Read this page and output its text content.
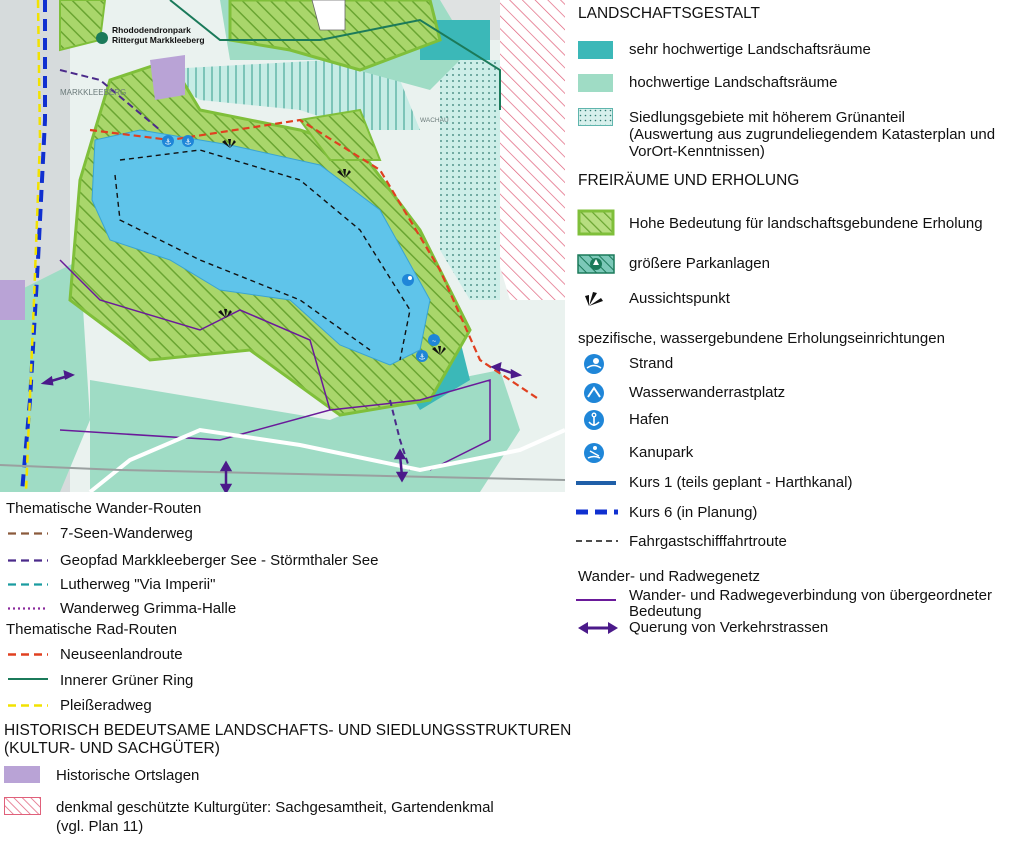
Rhododendronpark
Rittergut Markkleeberg
MARKKLEEBERG
WACHAU
⚓ ⚓
~
⚓
LANDSCHAFTSGESTALT
sehr hochwertige Landschaftsräume
hochwertige Landschaftsräume
Siedlungsgebiete mit höherem Grünanteil
(Auswertung aus zugrundeliegendem Katasterplan und
VorOrt-Kenntnissen)
FREIRÄUME UND ERHOLUNG
Hohe Bedeutung für landschaftsgebundene Erholung
größere Parkanlagen
Aussichtspunkt
spezifische, wassergebundene Erholungseinrichtungen
Strand
Wasserwanderrastplatz
Hafen
Kanupark
Kurs 1 (teils geplant - Harthkanal)
Kurs 6 (in Planung)
Fahrgastschifffahrtroute
Wander- und Radwegenetz
Wander- und Radwegeverbindung von übergeordneter
Bedeutung
Querung von Verkehrstrassen
Thematische Wander-Routen
7-Seen-Wanderweg
Geopfad Markkleeberger See - Störmthaler See
Lutherweg "Via Imperii"
Wanderweg Grimma-Halle
Thematische Rad-Routen
Neuseenlandroute
Innerer Grüner Ring
Pleißeradweg
HISTORISCH BEDEUTSAME LANDSCHAFTS- UND SIEDLUNGSSTRUKTUREN
(KULTUR- UND SACHGÜTER)
Historische Ortslagen
denkmal geschützte Kulturgüter: Sachgesamtheit, Gartendenkmal
(vgl. Plan 11)
